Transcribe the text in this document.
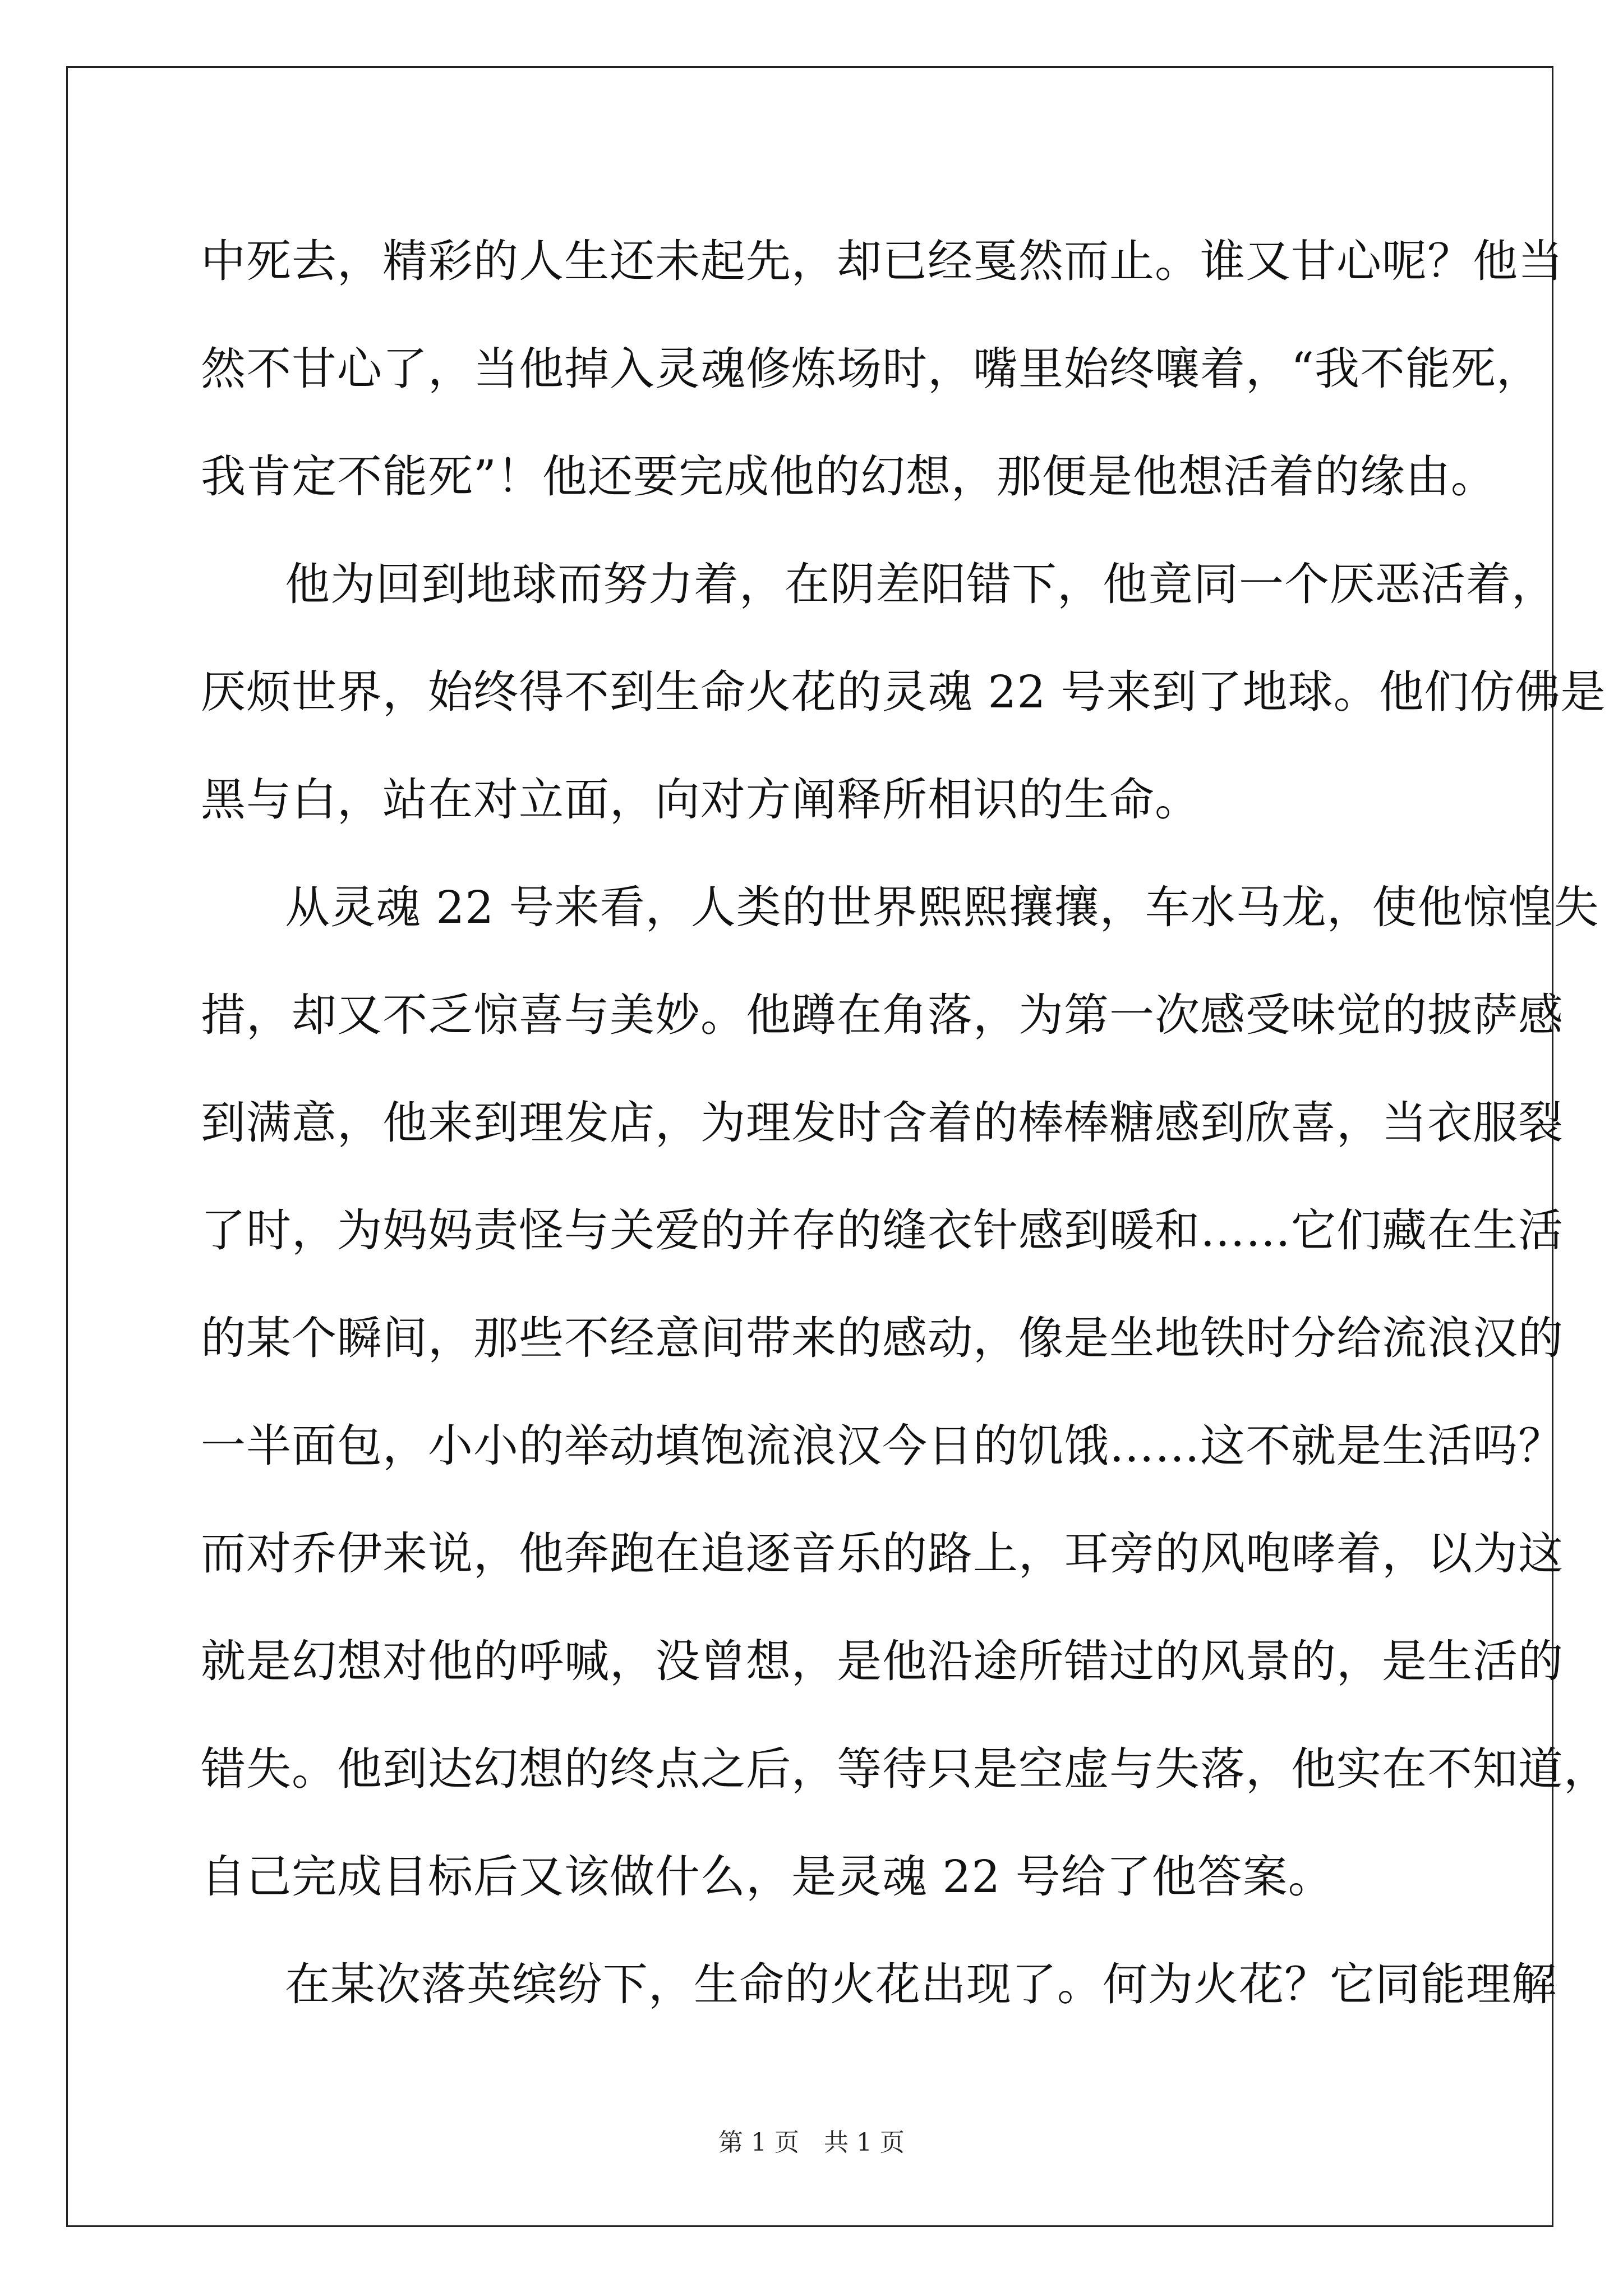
中死去，精彩的人生还未起先，却已经戛然而止。谁又甘心呢？他当
然不甘心了，当他掉入灵魂修炼场时，嘴里始终嚷着，“我不能死，
我肯定不能死”！他还要完成他的幻想，那便是他想活着的缘由。
他为回到地球而努力着，在阴差阳错下，他竟同一个厌恶活着，
厌烦世界，始终得不到生命火花的灵魂 22 号来到了地球。他们仿佛是
黑与白，站在对立面，向对方阐释所相识的生命。
从灵魂 22 号来看，人类的世界熙熙攘攘，车水马龙，使他惊惶失
措，却又不乏惊喜与美妙。他蹲在角落，为第一次感受味觉的披萨感
到满意，他来到理发店，为理发时含着的棒棒糖感到欣喜，当衣服裂
了时，为妈妈责怪与关爱的并存的缝衣针感到暖和……它们藏在生活
的某个瞬间，那些不经意间带来的感动，像是坐地铁时分给流浪汉的
一半面包，小小的举动填饱流浪汉今日的饥饿……这不就是生活吗？
而对乔伊来说，他奔跑在追逐音乐的路上，耳旁的风咆哮着，以为这
就是幻想对他的呼喊，没曾想，是他沿途所错过的风景的，是生活的
错失。他到达幻想的终点之后，等待只是空虚与失落，他实在不知道，
自己完成目标后又该做什么，是灵魂 22 号给了他答案。
在某次落英缤纷下，生命的火花出现了。何为火花？它同能理解
第 1 页　共 1 页
